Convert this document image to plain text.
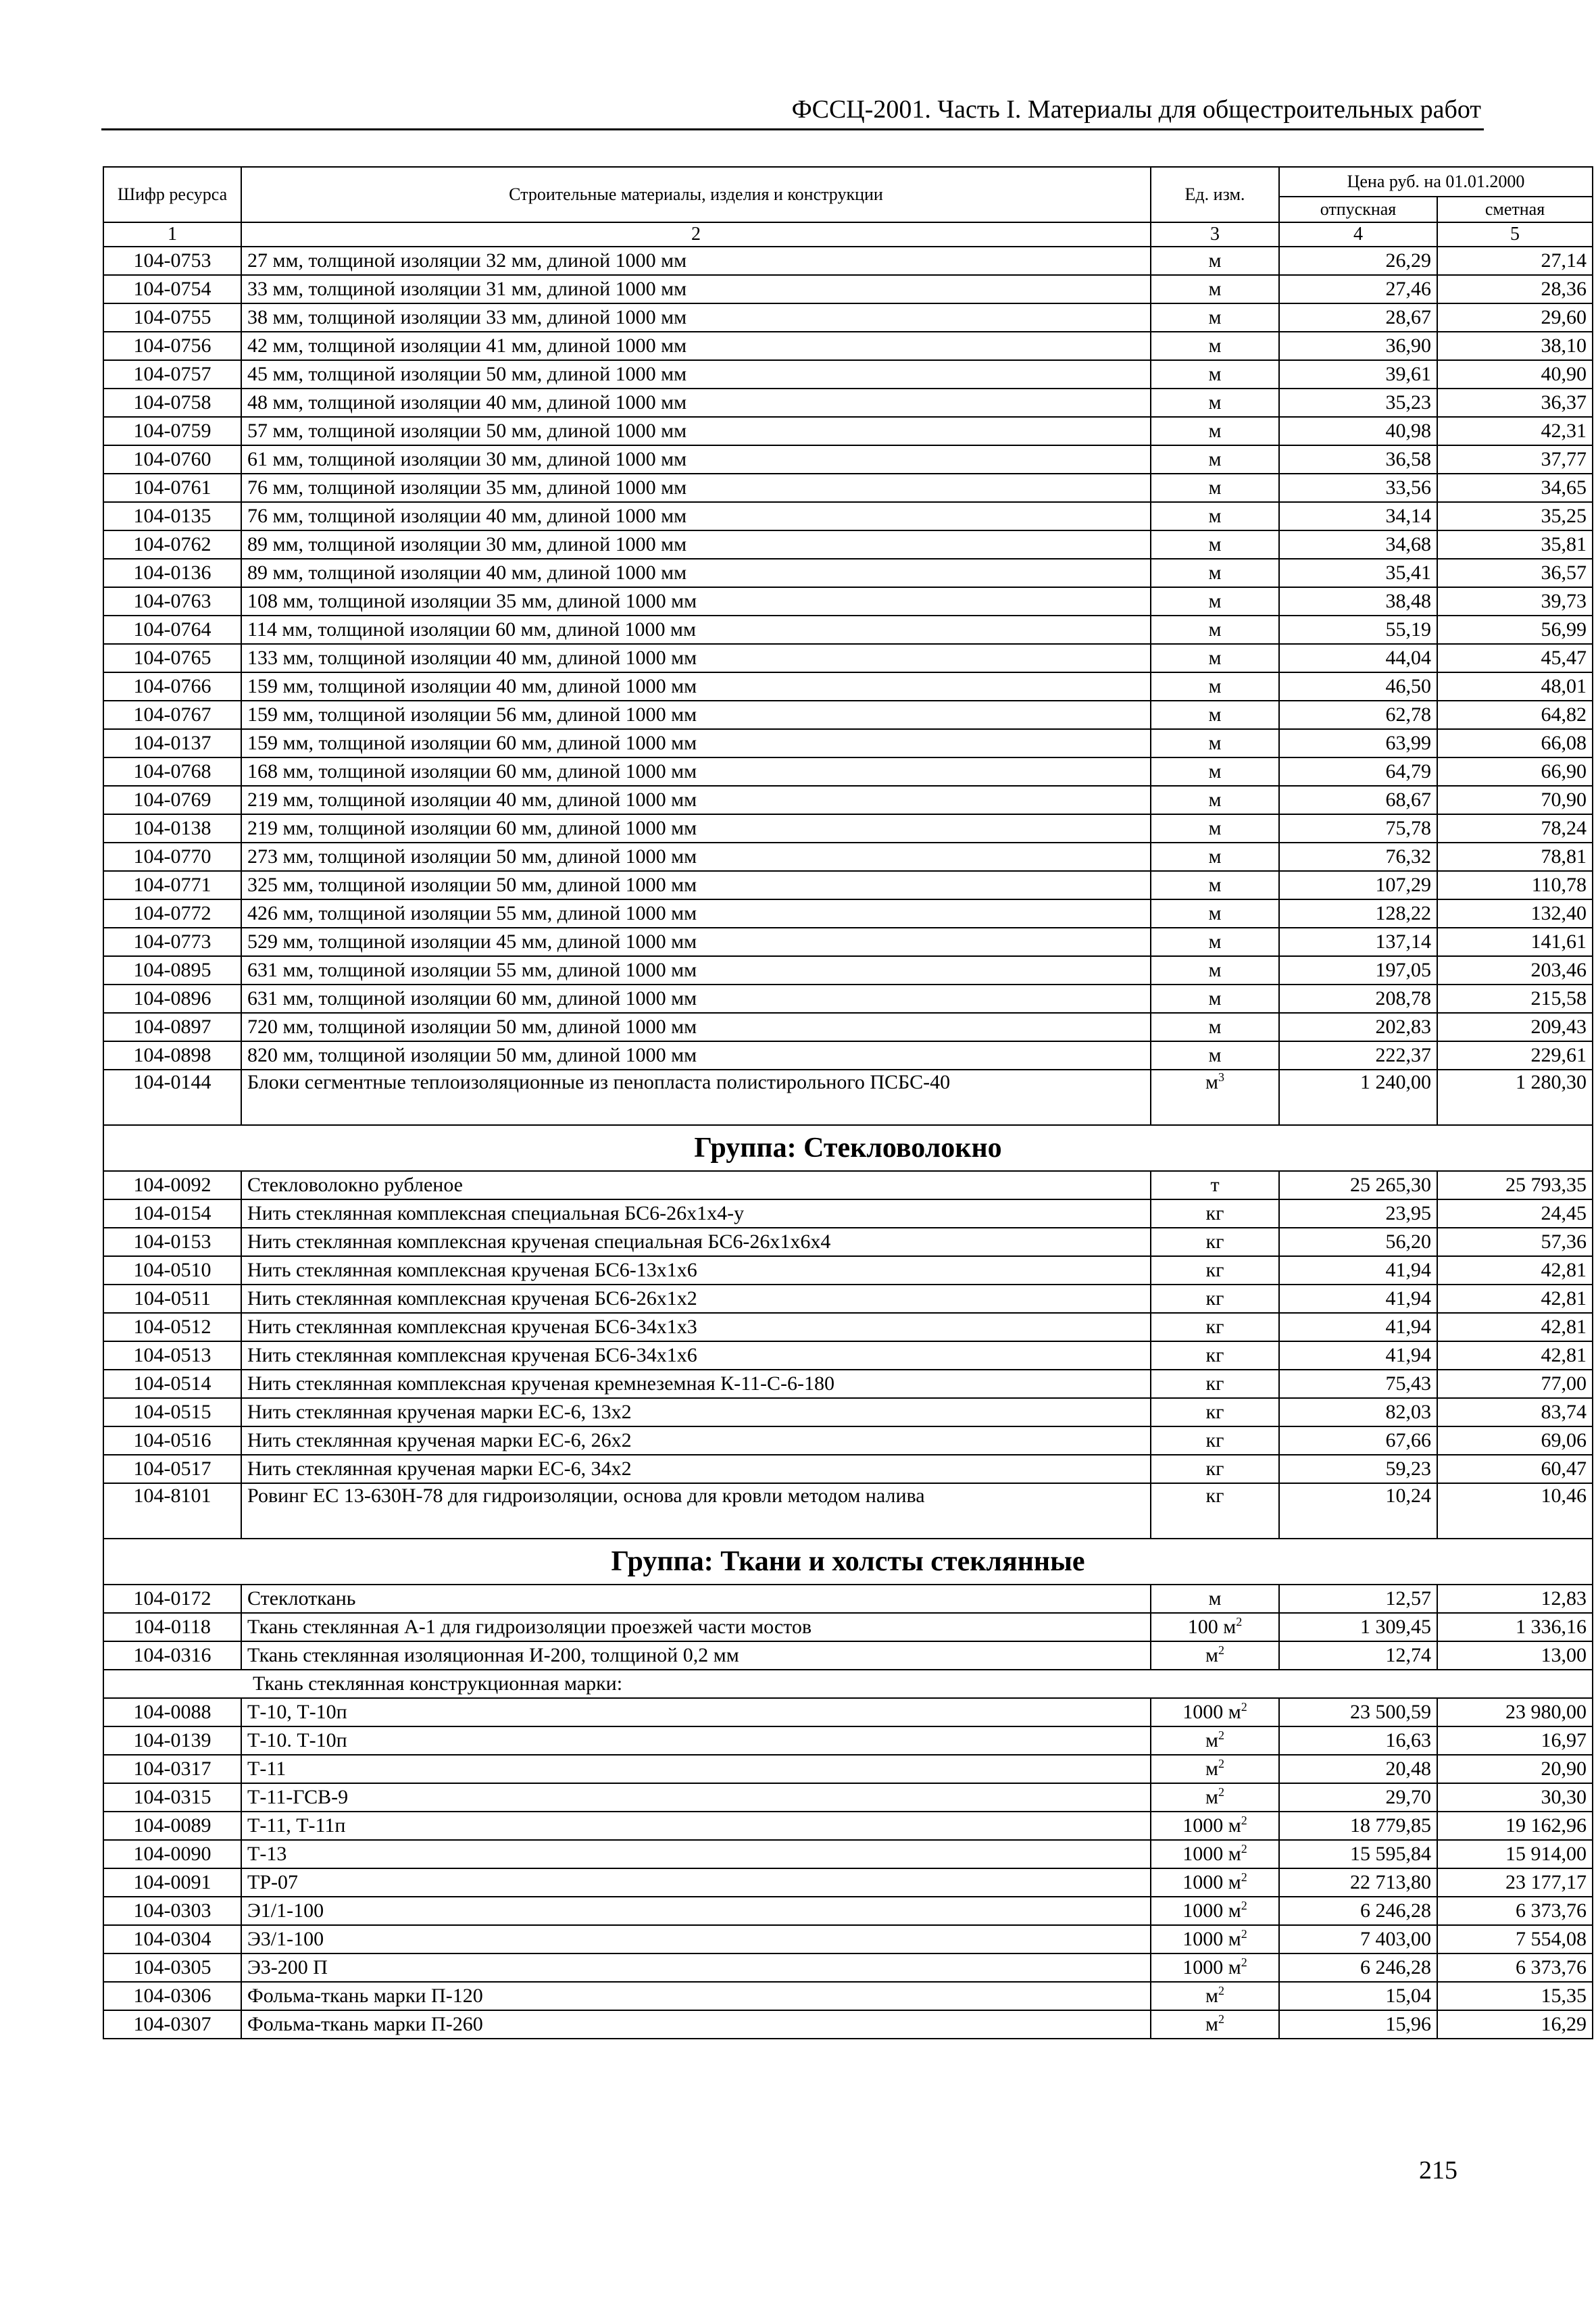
ФССЦ-2001. Часть I. Материалы для общестроительных работ
Шифр ресурса	Строительные материалы, изделия и конструкции	Ед. изм.	Цена руб. на 01.01.2000	
			отпускная	сметная
1	2	3	4	5
104-0753	27 мм, толщиной изоляции 32 мм, длиной 1000 мм	м	26,29	27,14
104-0754	33 мм, толщиной изоляции 31 мм, длиной 1000 мм	м	27,46	28,36
104-0755	38 мм, толщиной изоляции 33 мм, длиной 1000 мм	м	28,67	29,60
104-0756	42 мм, толщиной изоляции 41 мм, длиной 1000 мм	м	36,90	38,10
104-0757	45 мм, толщиной изоляции 50 мм, длиной 1000 мм	м	39,61	40,90
104-0758	48 мм, толщиной изоляции 40 мм, длиной 1000 мм	м	35,23	36,37
104-0759	57 мм, толщиной изоляции 50 мм, длиной 1000 мм	м	40,98	42,31
104-0760	61 мм, толщиной изоляции 30 мм, длиной 1000 мм	м	36,58	37,77
104-0761	76 мм, толщиной изоляции 35 мм, длиной 1000 мм	м	33,56	34,65
104-0135	76 мм, толщиной изоляции 40 мм, длиной 1000 мм	м	34,14	35,25
104-0762	89 мм, толщиной изоляции 30 мм, длиной 1000 мм	м	34,68	35,81
104-0136	89 мм, толщиной изоляции 40 мм, длиной 1000 мм	м	35,41	36,57
104-0763	108 мм, толщиной изоляции 35 мм, длиной 1000 мм	м	38,48	39,73
104-0764	114 мм, толщиной изоляции 60 мм, длиной 1000 мм	м	55,19	56,99
104-0765	133 мм, толщиной изоляции 40 мм, длиной 1000 мм	м	44,04	45,47
104-0766	159 мм, толщиной изоляции 40 мм, длиной 1000 мм	м	46,50	48,01
104-0767	159 мм, толщиной изоляции 56 мм, длиной 1000 мм	м	62,78	64,82
104-0137	159 мм, толщиной изоляции 60 мм, длиной 1000 мм	м	63,99	66,08
104-0768	168 мм, толщиной изоляции 60 мм, длиной 1000 мм	м	64,79	66,90
104-0769	219 мм, толщиной изоляции 40 мм, длиной 1000 мм	м	68,67	70,90
104-0138	219 мм, толщиной изоляции 60 мм, длиной 1000 мм	м	75,78	78,24
104-0770	273 мм, толщиной изоляции 50 мм, длиной 1000 мм	м	76,32	78,81
104-0771	325 мм, толщиной изоляции 50 мм, длиной 1000 мм	м	107,29	110,78
104-0772	426 мм, толщиной изоляции 55 мм, длиной 1000 мм	м	128,22	132,40
104-0773	529 мм, толщиной изоляции 45 мм, длиной 1000 мм	м	137,14	141,61
104-0895	631 мм, толщиной изоляции 55 мм, длиной 1000 мм	м	197,05	203,46
104-0896	631 мм, толщиной изоляции 60 мм, длиной 1000 мм	м	208,78	215,58
104-0897	720 мм, толщиной изоляции 50 мм, длиной 1000 мм	м	202,83	209,43
104-0898	820 мм, толщиной изоляции 50 мм, длиной 1000 мм	м	222,37	229,61
104-0144	Блоки сегментные теплоизоляционные из пенопласта полистирольного ПСБС-40	$м^3$	1 240,00	1 280,30
Группа: Стекловолокно				
104-0092	Стекловолокно рубленое	т	25 265,30	25 793,35
104-0154	Нить стеклянная комплексная специальная БС6-26х1х4-у	кг	23,95	24,45
104-0153	Нить стеклянная комплексная крученая специальная БС6-26х1х6х4	кг	56,20	57,36
104-0510	Нить стеклянная комплексная крученая БС6-13х1х6	кг	41,94	42,81
104-0511	Нить стеклянная комплексная крученая БС6-26х1х2	кг	41,94	42,81
104-0512	Нить стеклянная комплексная крученая БС6-34х1х3	кг	41,94	42,81
104-0513	Нить стеклянная комплексная крученая БС6-34х1х6	кг	41,94	42,81
104-0514	Нить стеклянная комплексная крученая кремнеземная К-11-С-6-180	кг	75,43	77,00
104-0515	Нить стеклянная крученая марки ЕС-6, 13х2	кг	82,03	83,74
104-0516	Нить стеклянная крученая марки ЕС-6, 26х2	кг	67,66	69,06
104-0517	Нить стеклянная крученая марки ЕС-6, 34х2	кг	59,23	60,47
104-8101	Ровинг ЕС 13-630Н-78 для гидроизоляции, основа для кровли методом налива	кг	10,24	10,46
Группа: Ткани и холсты стеклянные				
104-0172	Стеклоткань	м	12,57	12,83
104-0118	Ткань стеклянная А-1 для гидроизоляции проезжей части мостов	100 $м^2$	1 309,45	1 336,16
104-0316	Ткань стеклянная изоляционная И-200, толщиной 0,2 мм	$м^2$	12,74	13,00
Ткань стеклянная конструкционная марки:				
104-0088	Т-10, Т-10п	1000 $м^2$	23 500,59	23 980,00
104-0139	Т-10. Т-10п	$м^2$	16,63	16,97
104-0317	Т-11	$м^2$	20,48	20,90
104-0315	Т-11-ГСВ-9	$м^2$	29,70	30,30
104-0089	Т-11, Т-11п	1000 $м^2$	18 779,85	19 162,96
104-0090	Т-13	1000 $м^2$	15 595,84	15 914,00
104-0091	ТР-07	1000 $м^2$	22 713,80	23 177,17
104-0303	Э1/1-100	1000 $м^2$	6 246,28	6 373,76
104-0304	Э3/1-100	1000 $м^2$	7 403,00	7 554,08
104-0305	Э3-200 П	1000 $м^2$	6 246,28	6 373,76
104-0306	Фольма-ткань марки П-120	$м^2$	15,04	15,35
104-0307	Фольма-ткань марки П-260	$м^2$	15,96	16,29
215
